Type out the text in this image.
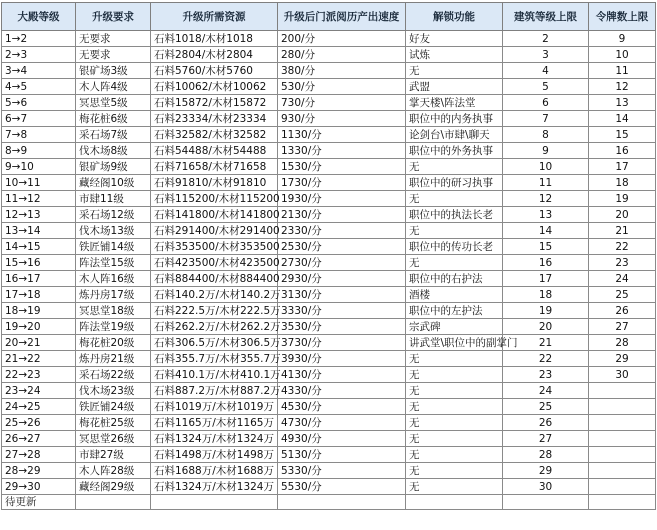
大殿等级	升级要求	升级所需资源	升级后门派阅历产出速度	解锁功能	建筑等级上限	令牌数上限
1→2	无要求	石料1018/木材1018	200/分	好友	2	9
2→3	无要求	石料2804/木材2804	280/分	试炼	3	10
3→4	银矿场3级	石料5760/木材5760	380/分	无	4	11
4→5	木人阵4级	石料10062/木材10062	530/分	武盟	5	12
5→6	冥思堂5级	石料15872/木材15872	730/分	掌天楼\阵法堂	6	13
6→7	梅花桩6级	石料23334/木材23334	930/分	职位中的内务执事	7	14
7→8	采石场7级	石料32582/木材32582	1130/分	论剑台\市肆\聊天	8	15
8→9	伐木场8级	石料54488/木材54488	1330/分	职位中的外务执事	9	16
9→10	银矿场9级	石料71658/木材71658	1530/分	无	10	17
10→11	藏经阁10级	石料91810/木材91810	1730/分	职位中的研习执事	11	18
11→12	市肆11级	石料115200/木材115200	1930/分	无	12	19
12→13	采石场12级	石料141800/木材141800	2130/分	职位中的执法长老	13	20
13→14	伐木场13级	石料291400/木材291400	2330/分	无	14	21
14→15	铁匠铺14级	石料353500/木材353500	2530/分	职位中的传功长老	15	22
15→16	阵法堂15级	石料423500/木材423500	2730/分	无	16	23
16→17	木人阵16级	石料884400/木材884400	2930/分	职位中的右护法	17	24
17→18	炼丹房17级	石料140.2万/木材140.2万	3130/分	酒楼	18	25
18→19	冥思堂18级	石料222.5万/木材222.5万	3330/分	职位中的左护法	19	26
19→20	阵法堂19级	石料262.2万/木材262.2万	3530/分	宗武碑	20	27
20→21	梅花桩20级	石料306.5万/木材306.5万	3730/分	讲武堂\职位中的副掌门	21	28
21→22	炼丹房21级	石料355.7万/木材355.7万	3930/分	无	22	29
22→23	采石场22级	石料410.1万/木材410.1万	4130/分	无	23	30
23→24	伐木场23级	石料887.2万/木材887.2万	4330/分	无	24	
24→25	铁匠铺24级	石料1019万/木材1019万	4530/分	无	25	
25→26	梅花桩25级	石料1165万/木材1165万	4730/分	无	26	
26→27	冥思堂26级	石料1324万/木材1324万	4930/分	无	27	
27→28	市肆27级	石料1498万/木材1498万	5130/分	无	28	
28→29	木人阵28级	石料1688万/木材1688万	5330/分	无	29	
29→30	藏经阁29级	石料1324万/木材1324万	5530/分	无	30	
待更新						
